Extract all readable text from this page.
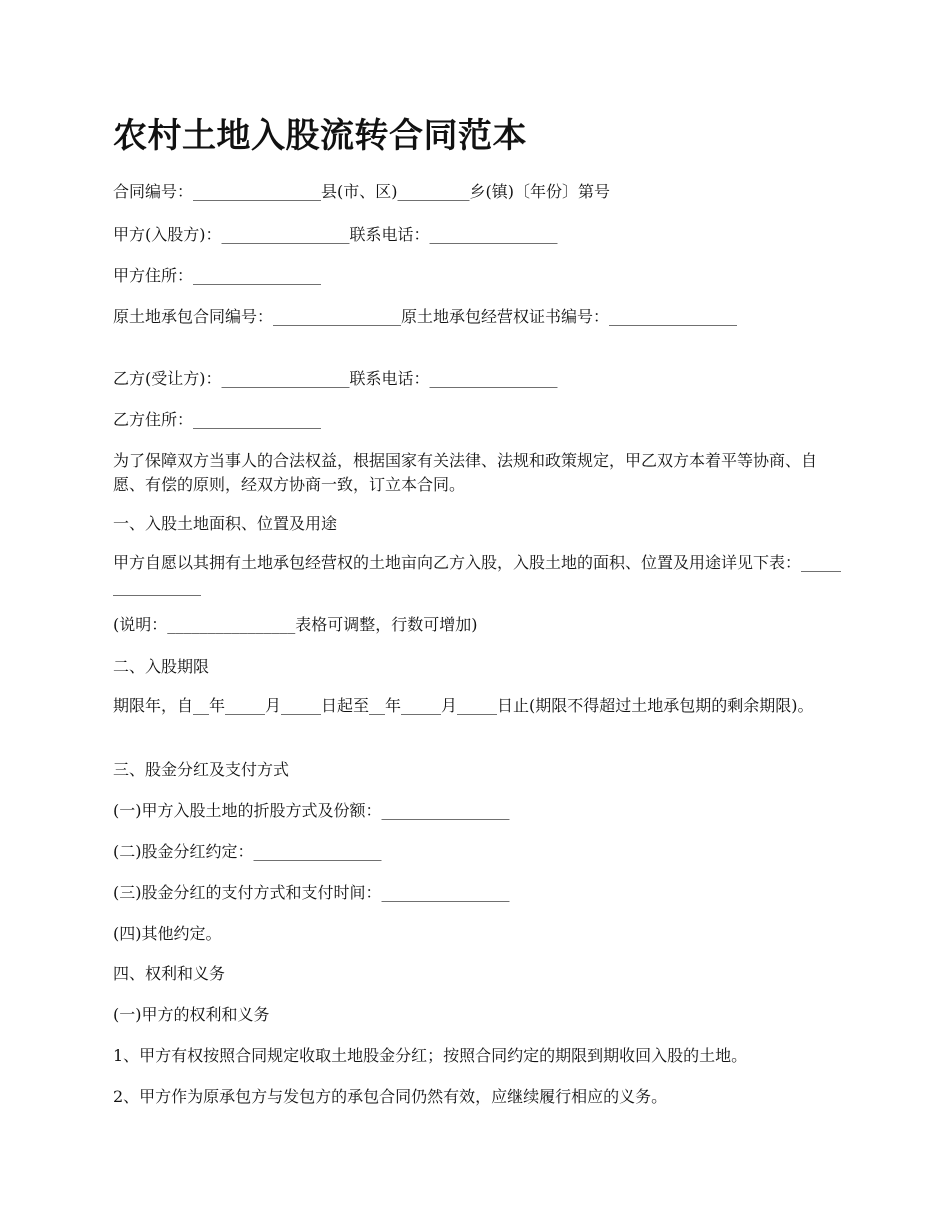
农村土地入股流转合同范本

合同编号：________________县(市、区)_________乡(镇)〔年份〕第号

甲方(入股方)：________________联系电话：________________

甲方住所：________________

原土地承包合同编号：________________原土地承包经营权证书编号：________________

乙方(受让方)：________________联系电话：________________

乙方住所：________________

为了保障双方当事人的合法权益，根据国家有关法律、法规和政策规定，甲乙双方本着平等协商、自愿、有偿的原则，经双方协商一致，订立本合同。

一、入股土地面积、位置及用途

甲方自愿以其拥有土地承包经营权的土地亩向乙方入股，入股土地的面积、位置及用途详见下表：________________

(说明：________________表格可调整，行数可增加)

二、入股期限

期限年，自__年_____月_____日起至__年_____月_____日止(期限不得超过土地承包期的剩余期限)。

三、股金分红及支付方式

(一)甲方入股土地的折股方式及份额：________________

(二)股金分红约定：________________

(三)股金分红的支付方式和支付时间：________________

(四)其他约定。

四、权利和义务

(一)甲方的权利和义务

1、甲方有权按照合同规定收取土地股金分红；按照合同约定的期限到期收回入股的土地。

2、甲方作为原承包方与发包方的承包合同仍然有效，应继续履行相应的义务。
